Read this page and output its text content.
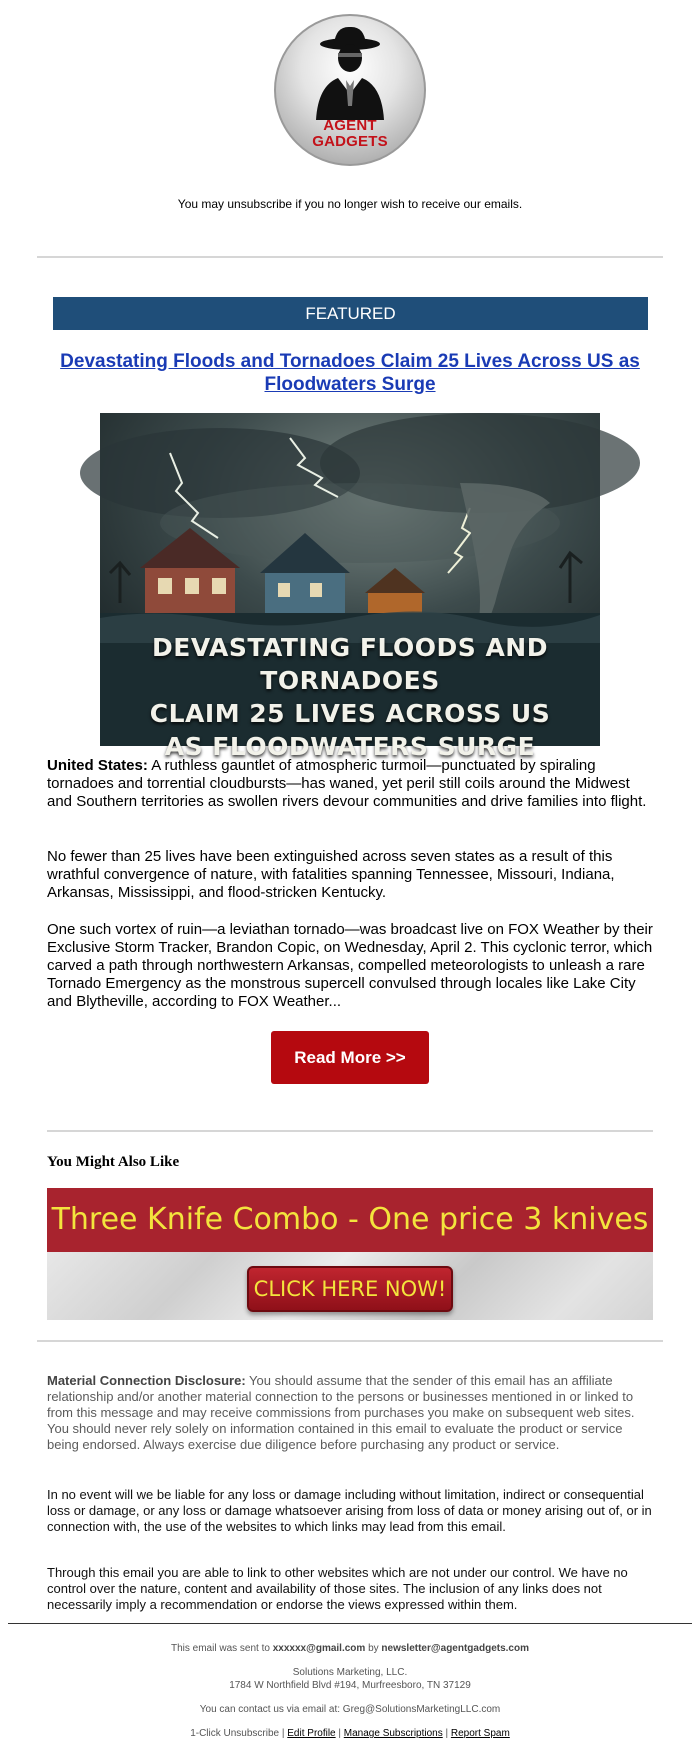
AGENT
GADGETS
You may unsubscribe if you no longer wish to receive our emails.
FEATURED
Devastating Floods and Tornadoes Claim 25 Lives Across US as Floodwaters Surge
DEVASTATING FLOODS AND TORNADOES
CLAIM 25 LIVES ACROSS US
AS FLOODWATERS SURGE
United States: A ruthless gauntlet of atmospheric turmoil—punctuated by spiraling tornadoes and torrential cloudbursts—has waned, yet peril still coils around the Midwest and Southern territories as swollen rivers devour communities and drive families into flight.
No fewer than 25 lives have been extinguished across seven states as a result of this wrathful convergence of nature, with fatalities spanning Tennessee, Missouri, Indiana, Arkansas, Mississippi, and flood-stricken Kentucky.
One such vortex of ruin—a leviathan tornado—was broadcast live on FOX Weather by their Exclusive Storm Tracker, Brandon Copic, on Wednesday, April 2. This cyclonic terror, which carved a path through northwestern Arkansas, compelled meteorologists to unleash a rare Tornado Emergency as the monstrous supercell convulsed through locales like Lake City and Blytheville, according to FOX Weather...
Read More >>
You Might Also Like
Three Knife Combo - One price 3 knives
CLICK HERE NOW!
Material Connection Disclosure: You should assume that the sender of this email has an affiliate relationship and/or another material connection to the persons or businesses mentioned in or linked to from this message and may receive commissions from purchases you make on subsequent web sites. You should never rely solely on information contained in this email to evaluate the product or service being endorsed. Always exercise due diligence before purchasing any product or service.
In no event will we be liable for any loss or damage including without limitation, indirect or consequential loss or damage, or any loss or damage whatsoever arising from loss of data or money arising out of, or in connection with, the use of the websites to which links may lead from this email.
Through this email you are able to link to other websites which are not under our control. We have no control over the nature, content and availability of those sites. The inclusion of any links does not necessarily imply a recommendation or endorse the views expressed within them.
This email was sent to xxxxxx@gmail.com by newsletter@agentgadgets.com
Solutions Marketing, LLC.
1784 W Northfield Blvd #194, Murfreesboro, TN 37129
You can contact us via email at: Greg@SolutionsMarketingLLC.com
1-Click Unsubscribe | Edit Profile | Manage Subscriptions | Report Spam
